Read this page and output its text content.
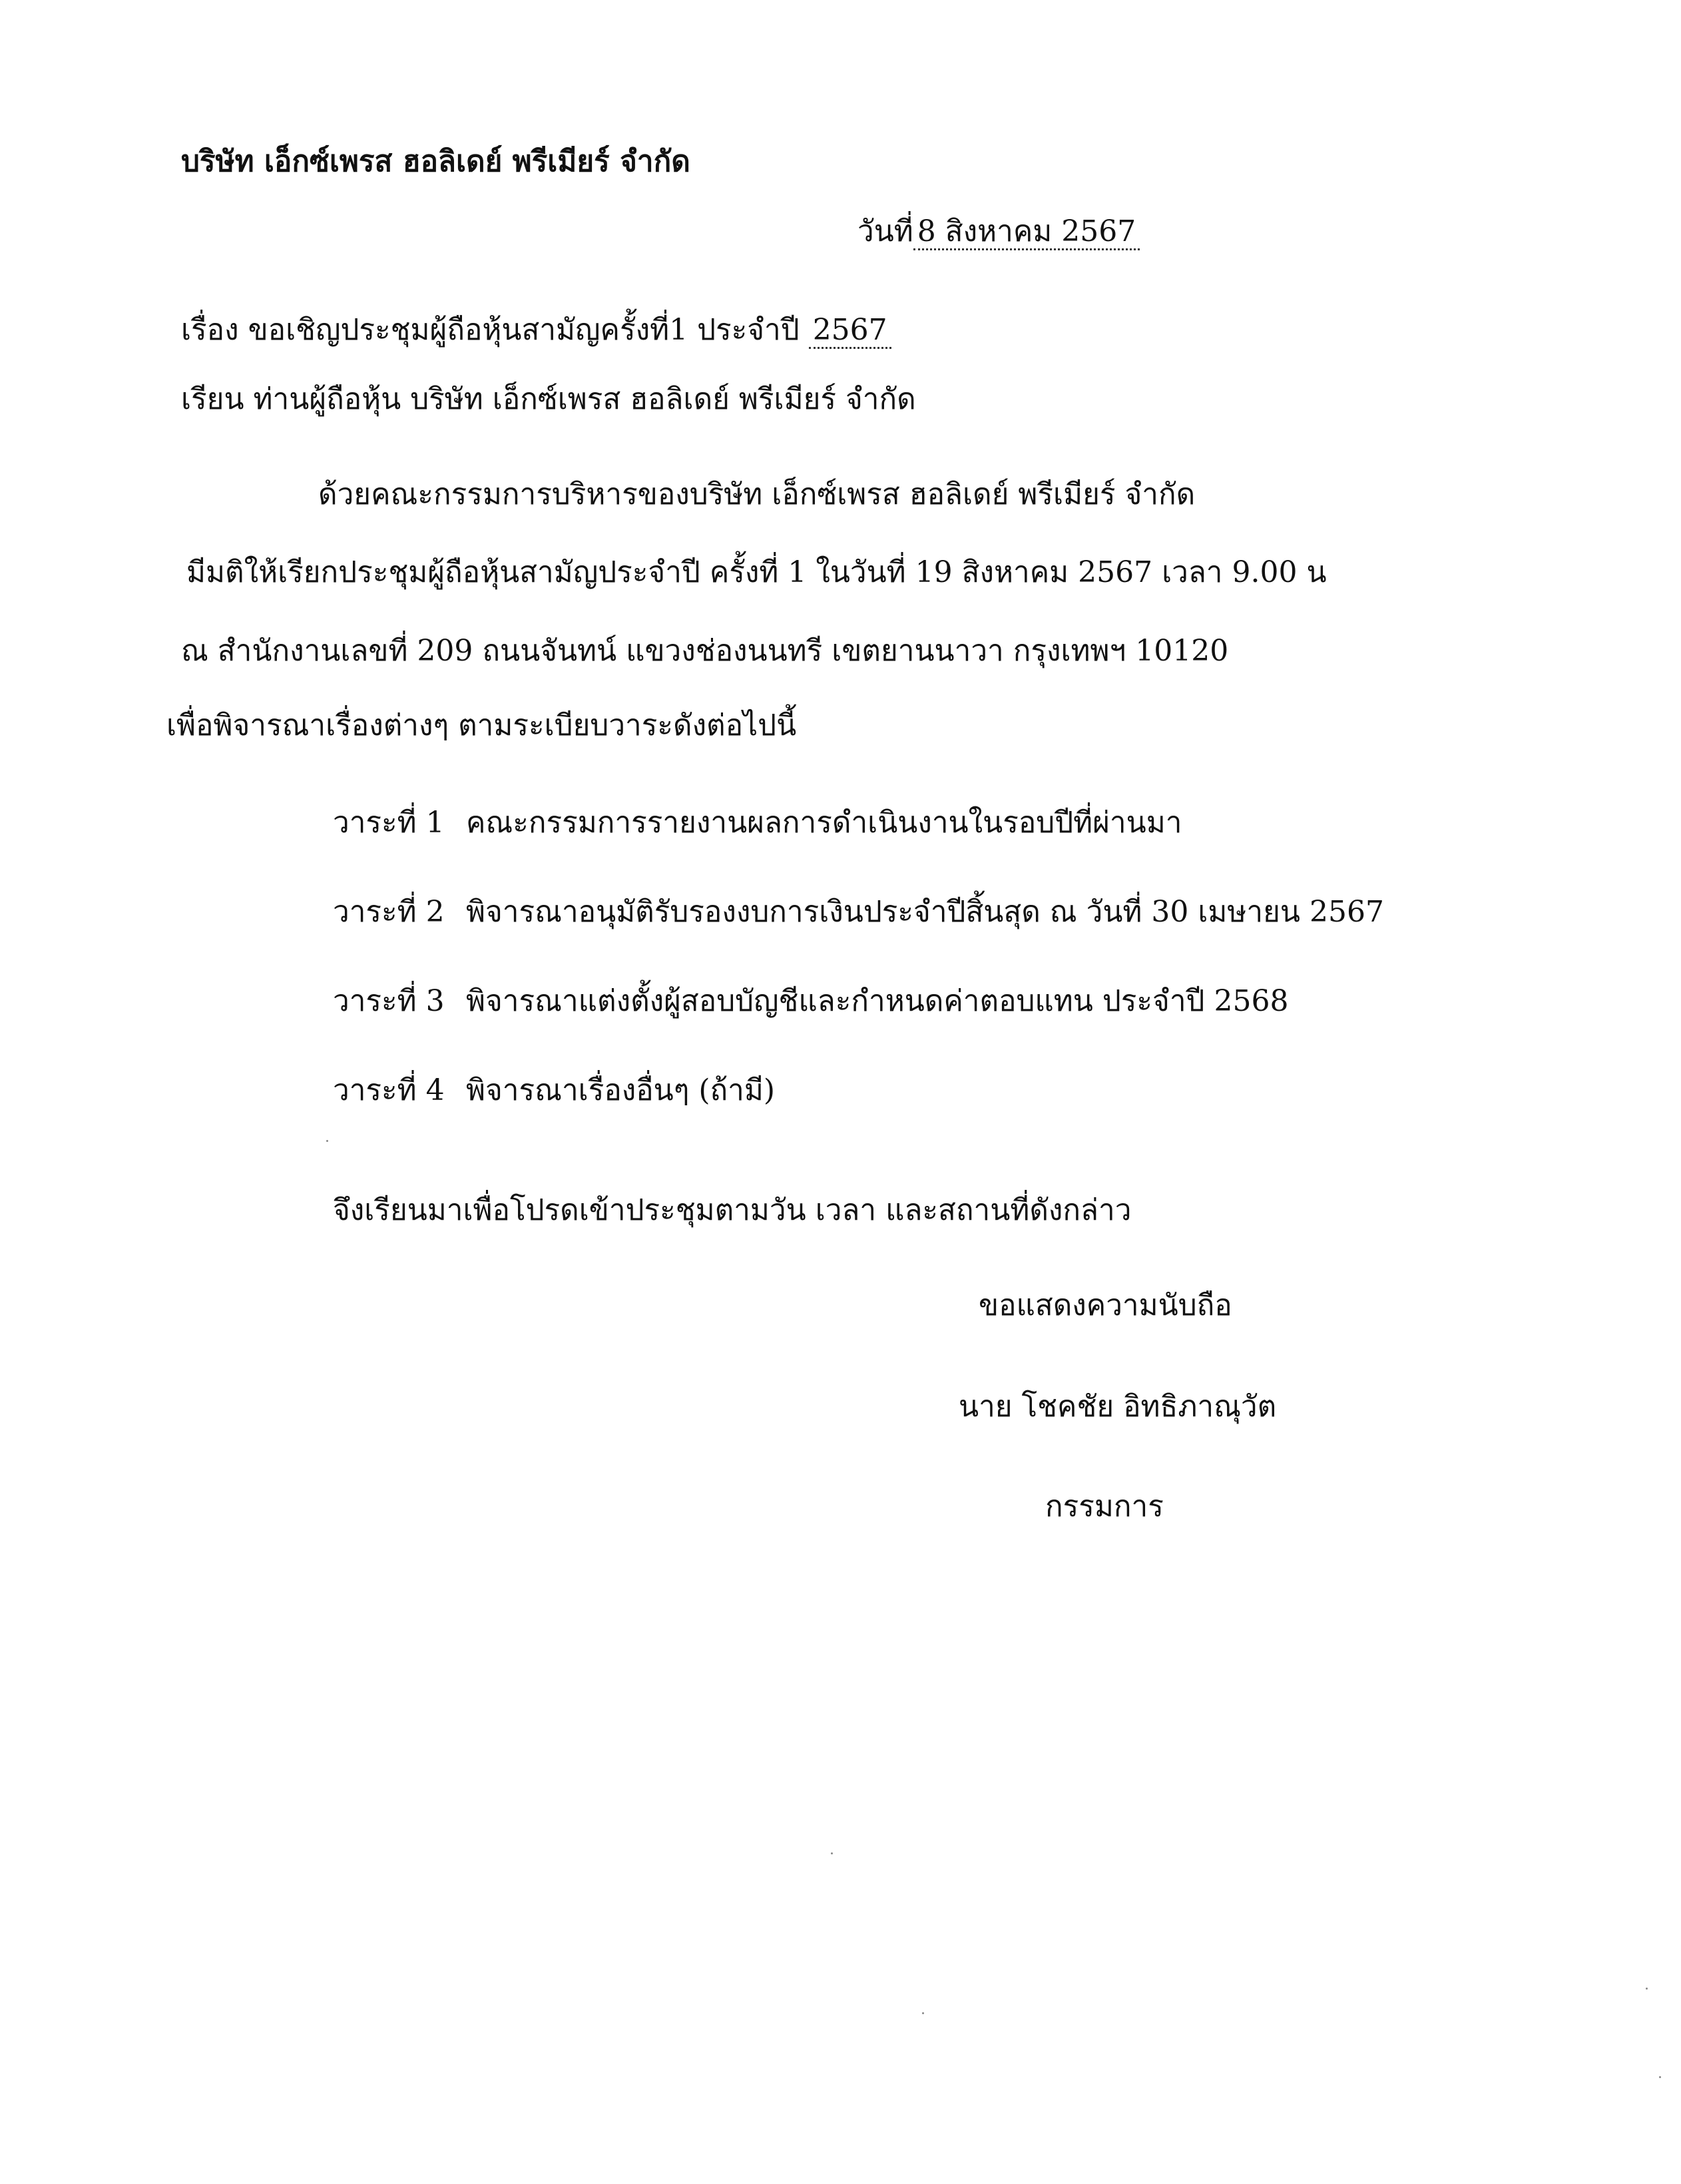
บริษัท เอ็กซ์เพรส ฮอลิเดย์ พรีเมียร์ จำกัด
วันที่ 8 สิงหาคม 2567
เรื่อง ขอเชิญประชุมผู้ถือหุ้นสามัญครั้งที่1 ประจำปี 2567
เรียน ท่านผู้ถือหุ้น บริษัท เอ็กซ์เพรส ฮอลิเดย์ พรีเมียร์ จำกัด
ด้วยคณะกรรมการบริหารของบริษัท เอ็กซ์เพรส ฮอลิเดย์ พรีเมียร์ จำกัด
มีมติให้เรียกประชุมผู้ถือหุ้นสามัญประจำปี ครั้งที่ 1 ในวันที่ 19 สิงหาคม 2567 เวลา 9.00 น
ณ สำนักงานเลขที่ 209 ถนนจันทน์ แขวงช่องนนทรี เขตยานนาวา กรุงเทพฯ 10120
เพื่อพิจารณาเรื่องต่างๆ ตามระเบียบวาระดังต่อไปนี้
วาระที่ 1 คณะกรรมการรายงานผลการดำเนินงานในรอบปีที่ผ่านมา
วาระที่ 2 พิจารณาอนุมัติรับรองงบการเงินประจำปีสิ้นสุด ณ วันที่ 30 เมษายน 2567
วาระที่ 3 พิจารณาแต่งตั้งผู้สอบบัญชีและกำหนดค่าตอบแทน ประจำปี 2568
วาระที่ 4 พิจารณาเรื่องอื่นๆ (ถ้ามี)
จึงเรียนมาเพื่อโปรดเข้าประชุมตามวัน เวลา และสถานที่ดังกล่าว
ขอแสดงความนับถือ
นาย โชคชัย อิทธิภาณุวัต
กรรมการ
